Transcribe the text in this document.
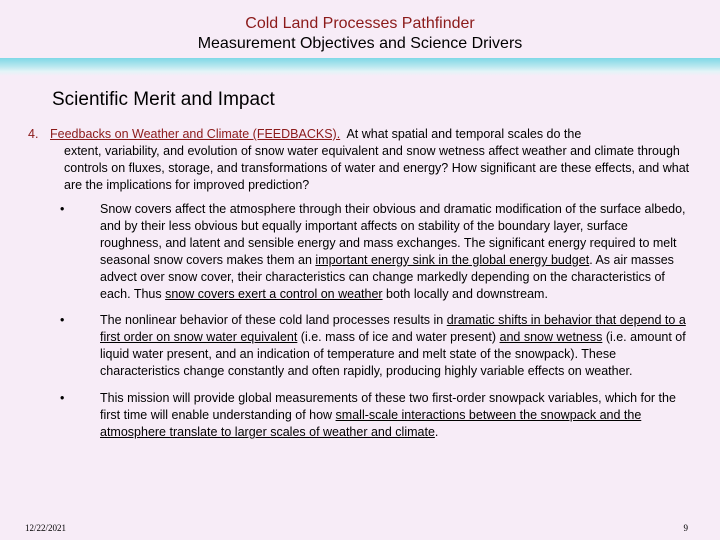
Cold Land Processes Pathfinder
Measurement Objectives and Science Drivers
Scientific Merit and Impact
4. Feedbacks on Weather and Climate (FEEDBACKS). At what spatial and temporal scales do the
extent, variability, and evolution of snow water equivalent and snow wetness affect weather and climate through controls on fluxes, storage, and transformations of water and energy? How significant are these effects, and what are the implications for improved prediction?
•	Snow covers affect the atmosphere through their obvious and dramatic modification of the surface albedo, and by their less obvious but equally important affects on stability of the boundary layer, surface roughness, and latent and sensible energy and mass exchanges. The significant energy required to melt seasonal snow covers makes them an important energy sink in the global energy budget. As air masses advect over snow cover, their characteristics can change markedly depending on the characteristics of each. Thus snow covers exert a control on weather both locally and downstream.
•	The nonlinear behavior of these cold land processes results in dramatic shifts in behavior that depend to a first order on snow water equivalent (i.e. mass of ice and water present) and snow wetness (i.e. amount of liquid water present, and an indication of temperature and melt state of the snowpack). These characteristics change constantly and often rapidly, producing highly variable effects on weather.
•	This mission will provide global measurements of these two first-order snowpack variables, which for the first time will enable understanding of how small-scale interactions between the snowpack and the atmosphere translate to larger scales of weather and climate.
12/22/2021	9
